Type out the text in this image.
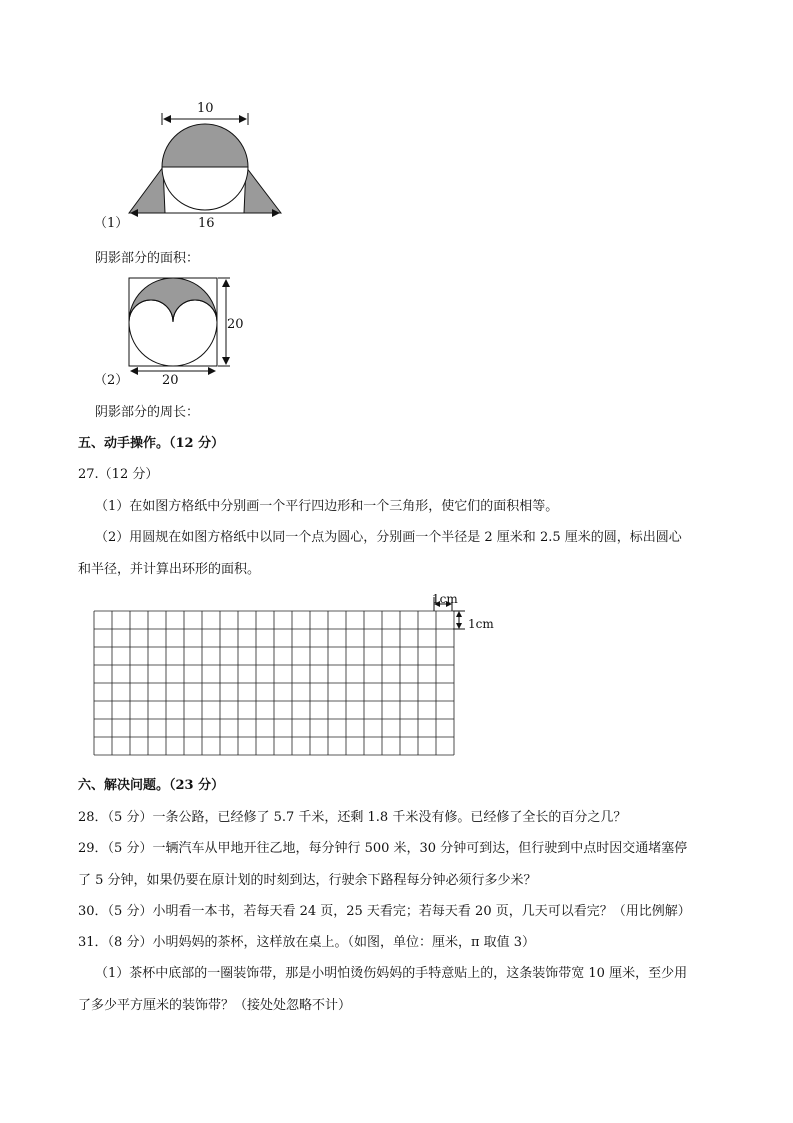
10
（1）	16
阴影部分的面积：
20
（2）	20
阴影部分的周长：
五、动手操作。（12 分）
27.（12 分）
（1）在如图方格纸中分别画一个平行四边形和一个三角形，使它们的面积相等。
（2）用圆规在如图方格纸中以同一个点为圆心，分别画一个半径是 2 厘米和 2.5 厘米的圆，标出圆心
和半径，并计算出环形的面积。
1cm
1cm
六、解决问题。（23 分）
28．（5 分）一条公路，已经修了 5.7 千米，还剩 1.8 千米没有修。已经修了全长的百分之几？
29．（5 分）一辆汽车从甲地开往乙地，每分钟行 500 米，30 分钟可到达，但行驶到中点时因交通堵塞停
了 5 分钟，如果仍要在原计划的时刻到达，行驶余下路程每分钟必须行多少米？
30．（5 分）小明看一本书，若每天看 24 页，25 天看完；若每天看 20 页，几天可以看完？（用比例解）
31．（8 分）小明妈妈的茶杯，这样放在桌上。（如图，单位：厘米，π 取值 3）
（1）茶杯中底部的一圈装饰带，那是小明怕烫伤妈妈的手特意贴上的，这条装饰带宽 10 厘米，至少用
了多少平方厘米的装饰带？（接处处忽略不计）
